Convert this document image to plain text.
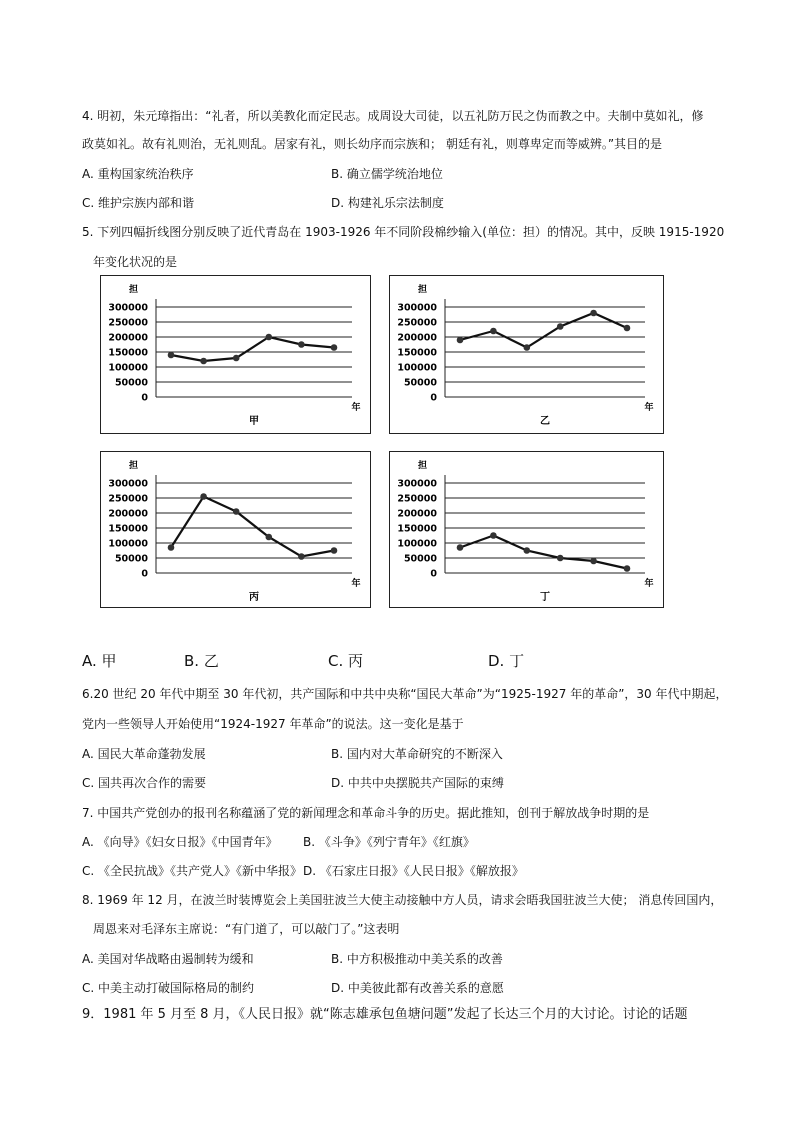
4. 明初，朱元璋指出：“礼者，所以美教化而定民志。成周设大司徒，以五礼防万民之伪而教之中。夫制中莫如礼，修
政莫如礼。故有礼则治，无礼则乱。居家有礼，则长幼序而宗族和； 朝廷有礼，则尊卑定而等威辨。”其目的是
A. 重构国家统治秩序	B. 确立儒学统治地位
C. 维护宗族内部和谐	D. 构建礼乐宗法制度
5. 下列四幅折线图分别反映了近代青岛在 1903-1926 年不同阶段棉纱输入(单位：担）的情况。其中，反映 1915-1920
年变化状况的是
担
300000
250000
200000
150000
100000
50000
0
年
甲
担
300000
250000
200000
150000
100000
50000
0
年
乙
担
300000
250000
200000
150000
100000
50000
0
年
丙
担
300000
250000
200000
150000
100000
50000
0
年
丁
A. 甲	B. 乙	C. 丙	D. 丁
6.20 世纪 20 年代中期至 30 年代初，共产国际和中共中央称“国民大革命”为“1925-1927 年的革命”，30 年代中期起，
党内一些领导人开始使用“1924-1927 年革命”的说法。这一变化是基于
A. 国民大革命蓬勃发展	B. 国内对大革命研究的不断深入
C. 国共再次合作的需要	D. 中共中央摆脱共产国际的束缚
7. 中国共产党创办的报刊名称蕴涵了党的新闻理念和革命斗争的历史。据此推知，创刊于解放战争时期的是
A. 《向导》《妇女日报》《中国青年》 B. 《斗争》《列宁青年》《红旗》
C. 《全民抗战》《共产党人》《新中华报》 D. 《石家庄日报》《人民日报》《解放报》
8. 1969 年 12 月，在波兰时装博览会上美国驻波兰大使主动接触中方人员，请求会晤我国驻波兰大使； 消息传回国内，
周恩来对毛泽东主席说：“有门道了，可以敲门了。”这表明
A. 美国对华战略由遏制转为缓和	B. 中方积极推动中美关系的改善
C. 中美主动打破国际格局的制约	D. 中美彼此都有改善关系的意愿
9．1981 年 5 月至 8 月，《人民日报》就“陈志雄承包鱼塘问题”发起了长达三个月的大讨论。讨论的话题
